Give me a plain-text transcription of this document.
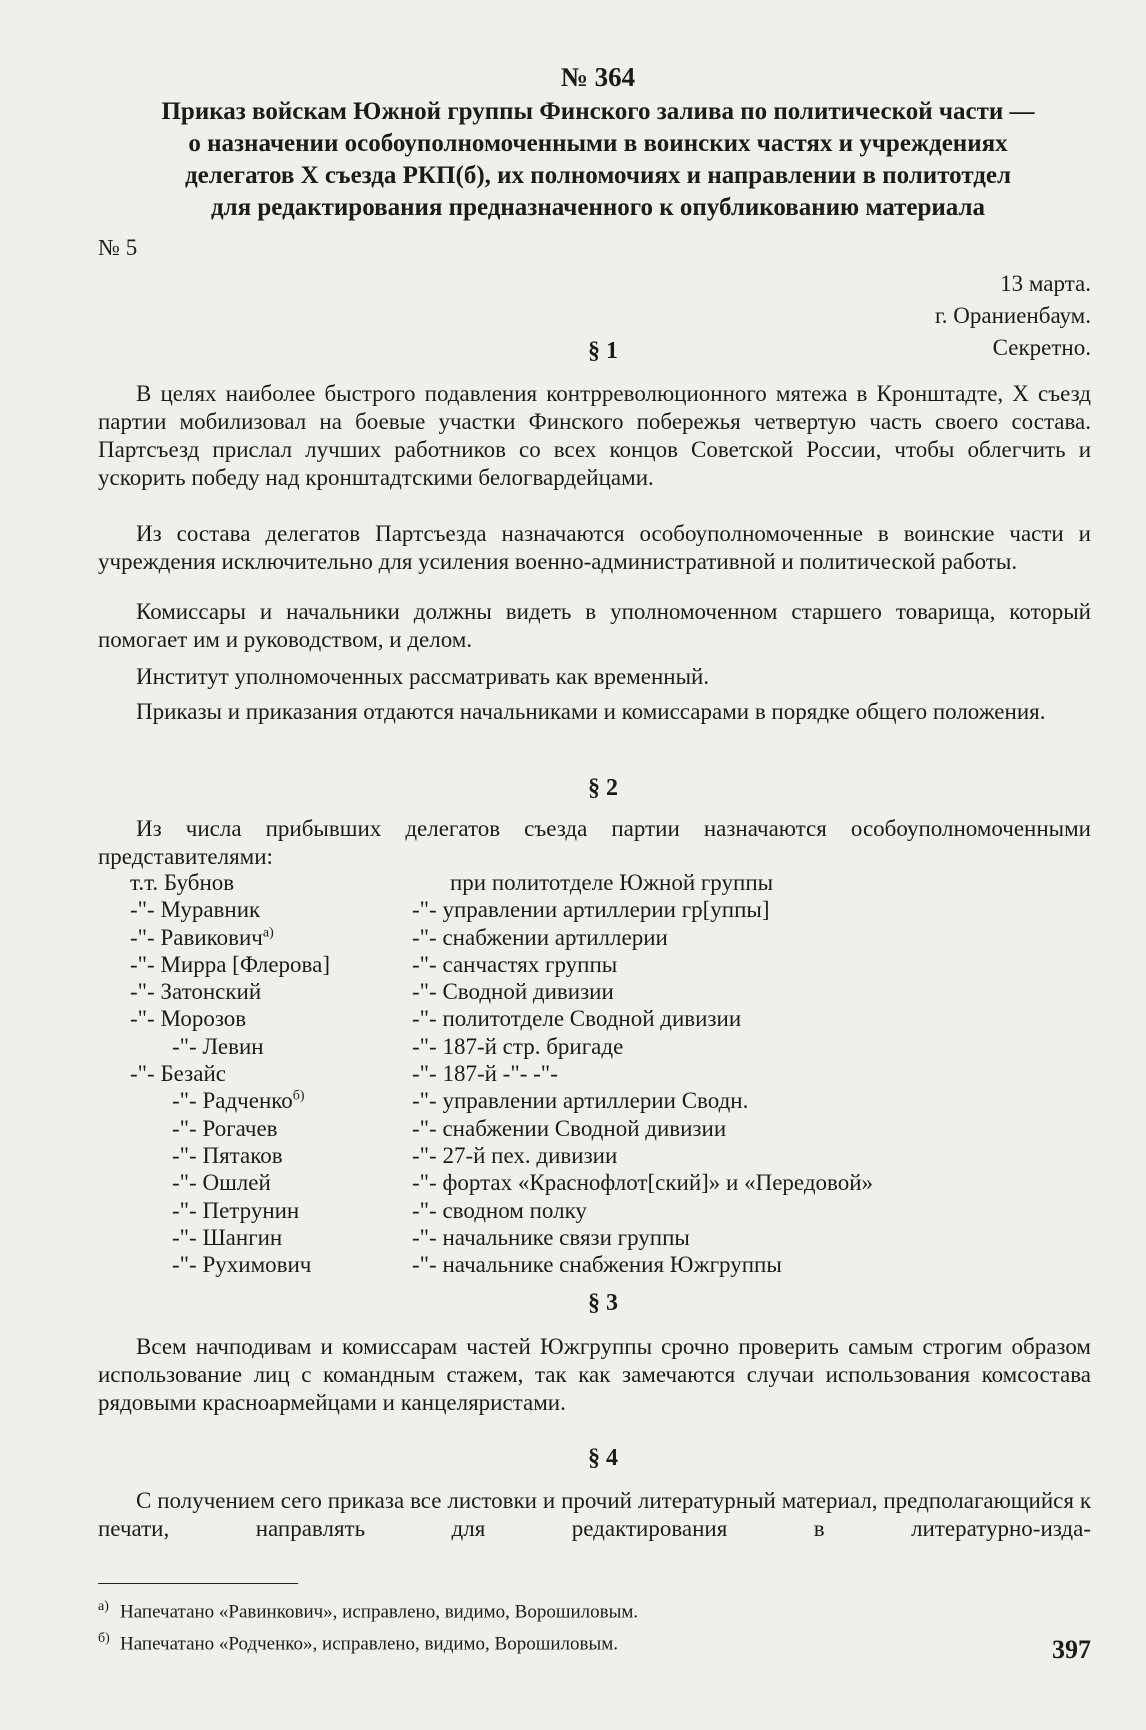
№ 364
Приказ войскам Южной группы Финского залива по политической части —
о назначении особоуполномоченными в воинских частях и учреждениях
делегатов X съезда РКП(б), их полномочиях и направлении в политотдел
для редактирования предназначенного к опубликованию материала
№ 5
13 марта.
г. Ораниенбаум.
Секретно.
§ 1

В целях наиболее быстрого подавления контрреволюционного мятежа в Кронштадте, X съезд партии мобилизовал на боевые участки Финского побережья четвертую часть своего состава. Партсъезд прислал лучших работников со всех концов Советской России, чтобы облегчить и ускорить победу над кронштадтскими белогвардейцами.

Из состава делегатов Партсъезда назначаются особоуполномоченные в воинские части и учреждения исключительно для усиления военно-административной и политической работы.

Комиссары и начальники должны видеть в уполномоченном старшего товарища, который помогает им и руководством, и делом.

Институт уполномоченных рассматривать как временный.

Приказы и приказания отдаются начальниками и комиссарами в порядке общего положения.

§ 2

Из числа прибывших делегатов съезда партии назначаются особоуполномоченными представителями:

т.т. Бубнов	при политотделе Южной группы
-"- Муравник	-"- управлении артиллерии гр[уппы]
-"- Равикович$^{а)}$	-"- снабжении артиллерии
-"- Мирра [Флерова]	-"- санчастях группы
-"- Затонский	-"- Сводной дивизии
-"- Морозов	-"- политотделе Сводной дивизии
-"- Левин	-"- 187-й стр. бригаде
-"- Безайс	-"- 187-й -"- -"-
-"- Радченко$^{б)}$	-"- управлении артиллерии Сводн.
-"- Рогачев	-"- снабжении Сводной дивизии
-"- Пятаков	-"- 27-й пех. дивизии
-"- Ошлей	-"- фортах «Краснофлот[ский]» и «Передовой»
-"- Петрунин	-"- сводном полку
-"- Шангин	-"- начальнике связи группы
-"- Рухимович	-"- начальнике снабжения Южгруппы
§ 3

Всем начподивам и комиссарам частей Южгруппы срочно проверить самым строгим образом использование лиц с командным стажем, так как замечаются случаи использования комсостава рядовыми красноармейцами и канцеляристами.

§ 4

С получением сего приказа все листовки и прочий литературный материал, предполагающийся к печати, направлять для редактирования в литературно-изда-

а) Напечатано «Равинкович», исправлено, видимо, Ворошиловым.
б) Напечатано «Родченко», исправлено, видимо, Ворошиловым.	397
